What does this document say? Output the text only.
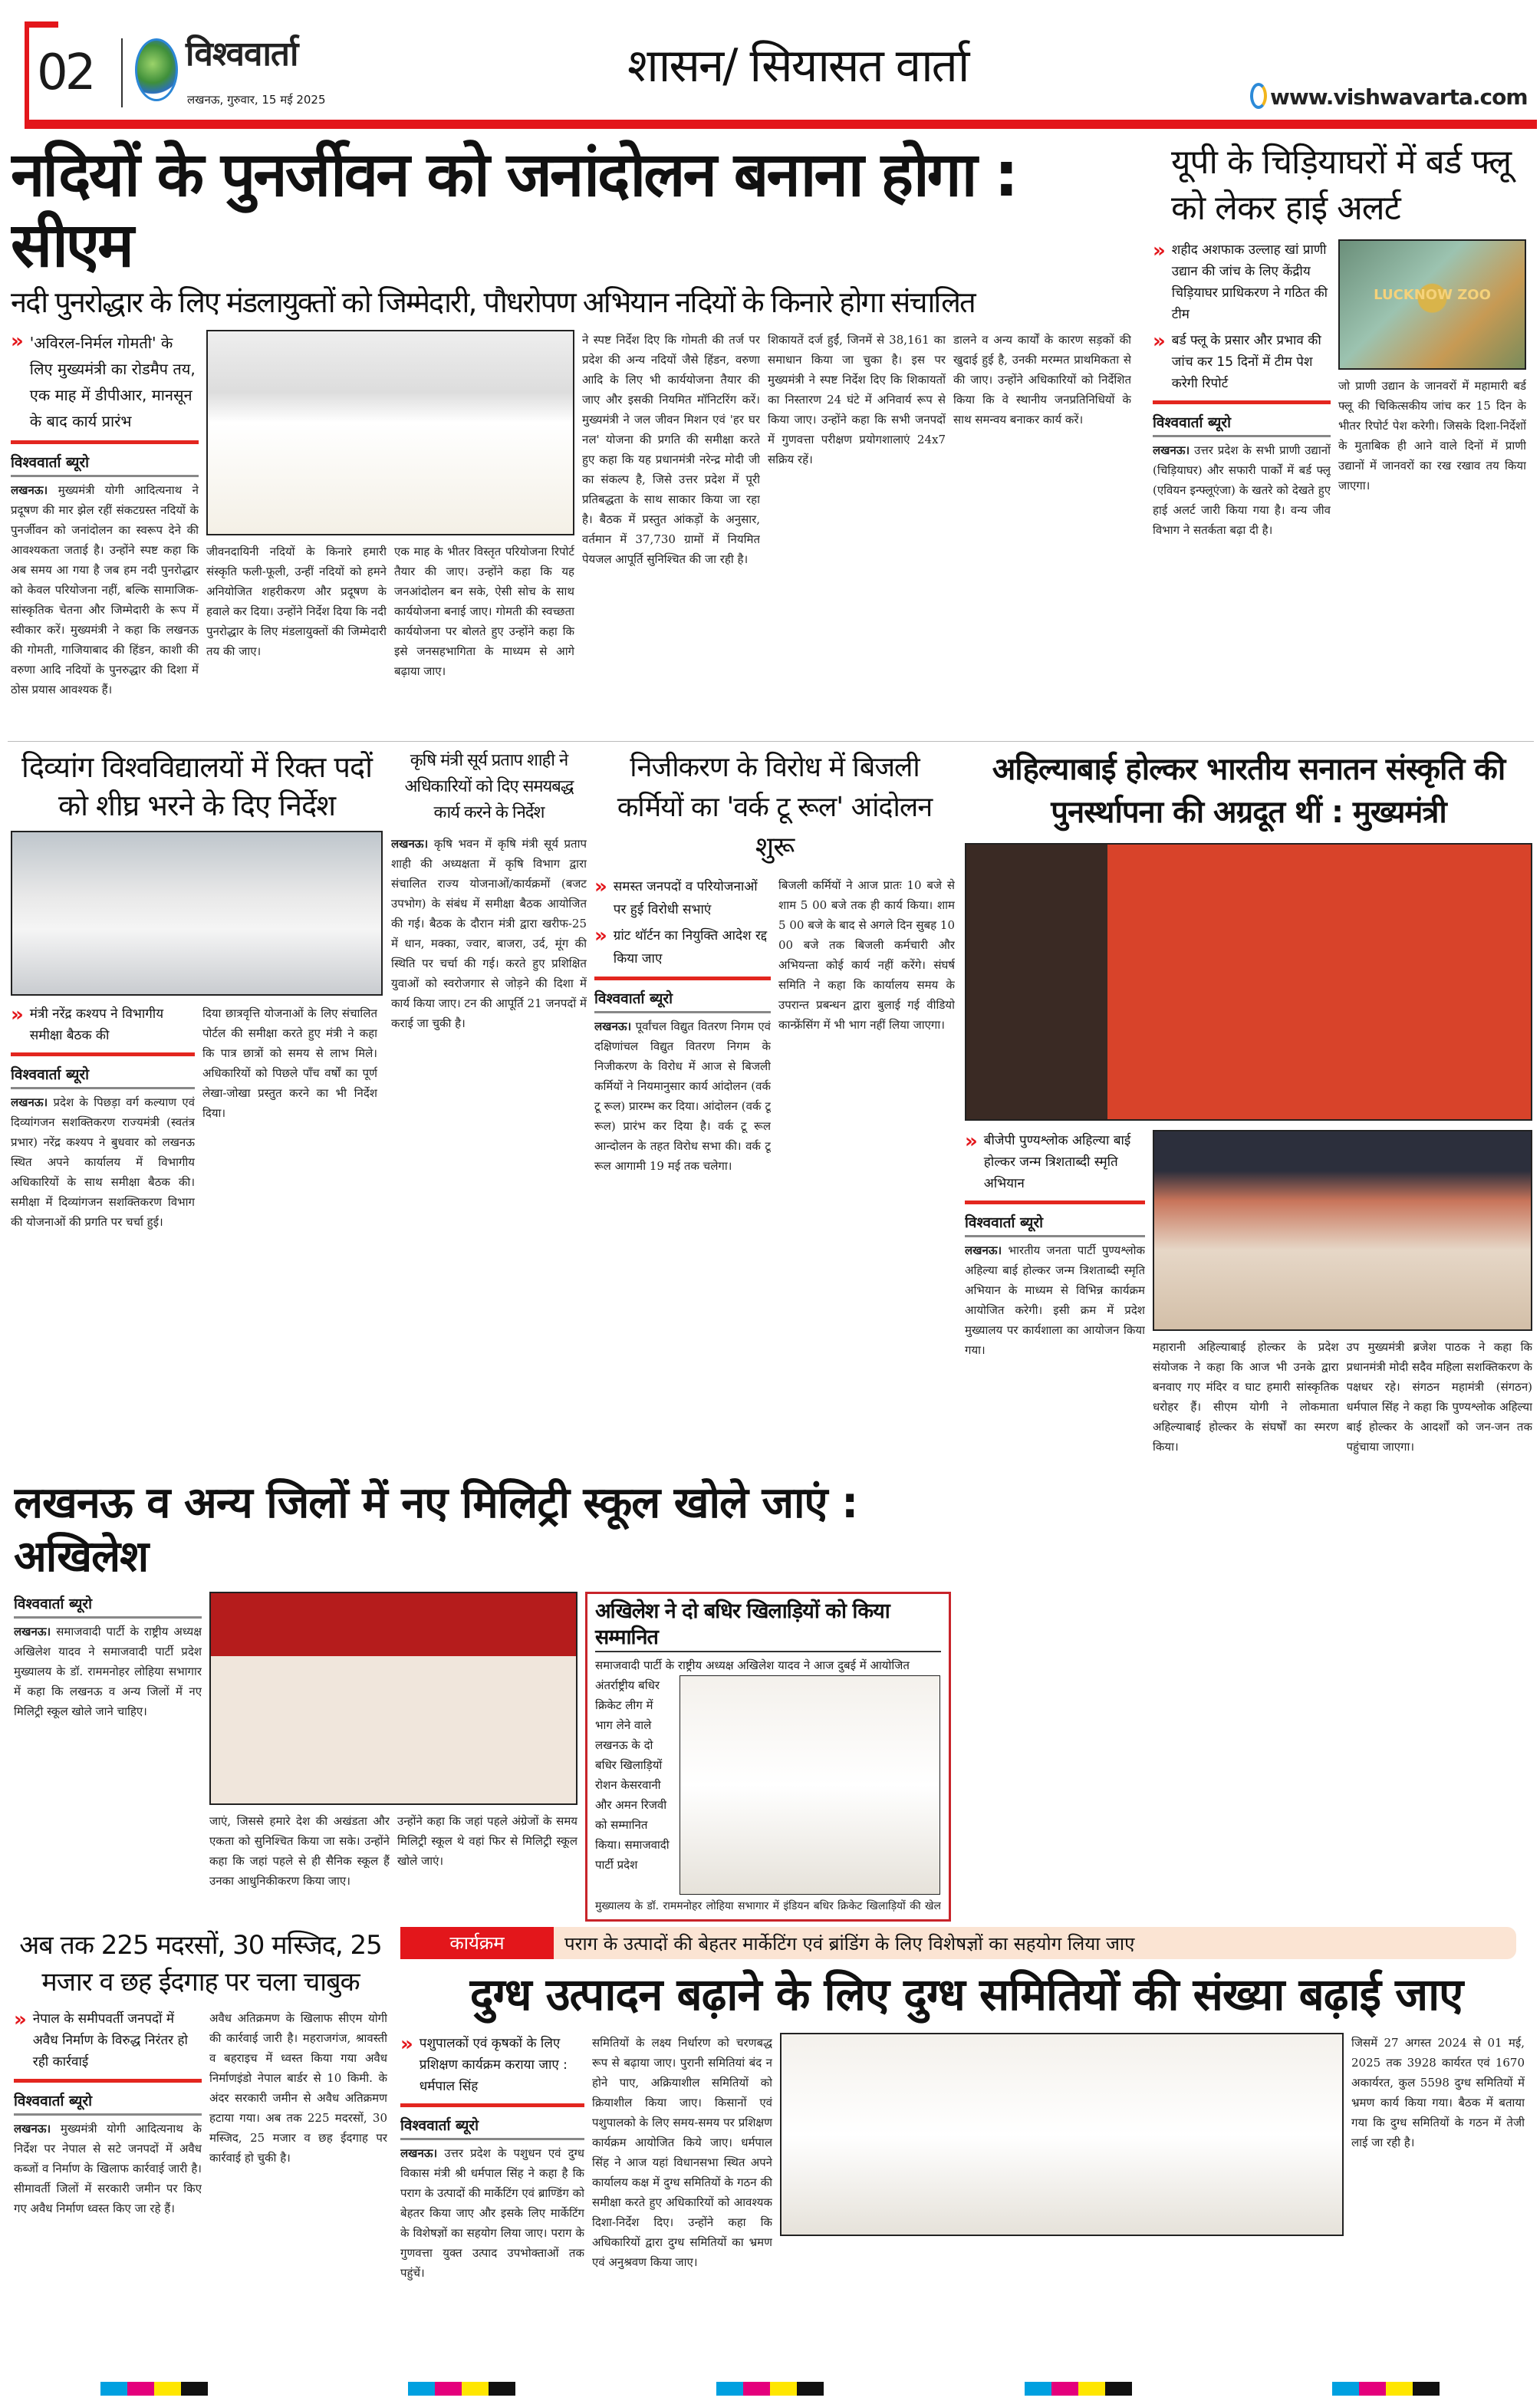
02	विश्ववार्ता
लखनऊ, गुरुवार, 15 मई 2025
शासन/ सियासत वार्ता
www.vishwavarta.com
नदियों के पुनर्जीवन को जनांदोलन बनाना होगा : सीएम
नदी पुनरोद्धार के लिए मंडलायुक्तों को जिम्मेदारी, पौधरोपण अभियान नदियों के किनारे होगा संचालित
» 'अविरल-निर्मल गोमती' के लिए मुख्यमंत्री का रोडमैप तय, एक माह में डीपीआर, मानसून के बाद कार्य प्रारंभ
विश्ववार्ता ब्यूरो
लखनऊ। मुख्यमंत्री योगी आदित्यनाथ ने प्रदूषण की मार झेल रहीं संकटग्रस्त नदियों के पुनर्जीवन को जनांदोलन का स्वरूप देने की आवश्यकता जताई है। उन्होंने स्पष्ट कहा कि अब समय आ गया है जब हम नदी पुनरोद्धार को केवल परियोजना नहीं, बल्कि सामाजिक-सांस्कृतिक चेतना और जिम्मेदारी के रूप में स्वीकार करें। मुख्यमंत्री ने कहा कि लखनऊ की गोमती, गाजियाबाद की हिंडन, काशी की वरुणा आदि नदियों के पुनरुद्धार की दिशा में ठोस प्रयास आवश्यक हैं।
जीवनदायिनी नदियों के किनारे हमारी संस्कृति फली-फूली, उन्हीं नदियों को हमने अनियोजित शहरीकरण और प्रदूषण के हवाले कर दिया। उन्होंने निर्देश दिया कि नदी पुनरोद्धार के लिए मंडलायुक्तों की जिम्मेदारी तय की जाए।
एक माह के भीतर विस्तृत परियोजना रिपोर्ट तैयार की जाए। उन्होंने कहा कि यह जनआंदोलन बन सके, ऐसी सोच के साथ कार्ययोजना बनाई जाए। गोमती की स्वच्छता कार्ययोजना पर बोलते हुए उन्होंने कहा कि इसे जनसहभागिता के माध्यम से आगे बढ़ाया जाए।
ने स्पष्ट निर्देश दिए कि गोमती की तर्ज पर प्रदेश की अन्य नदियों जैसे हिंडन, वरुणा आदि के लिए भी कार्ययोजना तैयार की जाए और इसकी नियमित मॉनिटरिंग करें। मुख्यमंत्री ने जल जीवन मिशन एवं 'हर घर नल' योजना की प्रगति की समीक्षा करते हुए कहा कि यह प्रधानमंत्री नरेन्द्र मोदी जी का संकल्प है, जिसे उत्तर प्रदेश में पूरी प्रतिबद्धता के साथ साकार किया जा रहा है। बैठक में प्रस्तुत आंकड़ों के अनुसार, वर्तमान में 37,730 ग्रामों में नियमित पेयजल आपूर्ति सुनिश्चित की जा रही है।
शिकायतें दर्ज हुईं, जिनमें से 38,161 का समाधान किया जा चुका है। इस पर मुख्यमंत्री ने स्पष्ट निर्देश दिए कि शिकायतों का निस्तारण 24 घंटे में अनिवार्य रूप से किया जाए। उन्होंने कहा कि सभी जनपदों में गुणवत्ता परीक्षण प्रयोगशालाएं 24x7 सक्रिय रहें।
डालने व अन्य कार्यों के कारण सड़कों की खुदाई हुई है, उनकी मरम्मत प्राथमिकता से की जाए। उन्होंने अधिकारियों को निर्देशित किया कि वे स्थानीय जनप्रतिनिधियों के साथ समन्वय बनाकर कार्य करें।
यूपी के चिड़ियाघरों में बर्ड फ्लू को लेकर हाई अलर्ट
» शहीद अशफाक उल्लाह खां प्राणी उद्यान की जांच के लिए केंद्रीय चिड़ियाघर प्राधिकरण ने गठित की टीम
» बर्ड फ्लू के प्रसार और प्रभाव की जांच कर 15 दिनों में टीम पेश करेगी रिपोर्ट
विश्ववार्ता ब्यूरो
लखनऊ। उत्तर प्रदेश के सभी प्राणी उद्यानों (चिड़ियाघर) और सफारी पार्कों में बर्ड फ्लू (एवियन इन्फ्लूएंजा) के खतरे को देखते हुए हाई अलर्ट जारी किया गया है। वन्य जीव विभाग ने सतर्कता बढ़ा दी है।
LUCKNOW ZOO
जो प्राणी उद्यान के जानवरों में महामारी बर्ड फ्लू की चिकित्सकीय जांच कर 15 दिन के भीतर रिपोर्ट पेश करेगी। जिसके दिशा-निर्देशों के मुताबिक ही आने वाले दिनों में प्राणी उद्यानों में जानवरों का रख रखाव तय किया जाएगा।
दिव्यांग विश्वविद्यालयों में रिक्त पदों को शीघ्र भरने के दिए निर्देश
» मंत्री नरेंद्र कश्यप ने विभागीय समीक्षा बैठक की
विश्ववार्ता ब्यूरो
लखनऊ। प्रदेश के पिछड़ा वर्ग कल्याण एवं दिव्यांगजन सशक्तिकरण राज्यमंत्री (स्वतंत्र प्रभार) नरेंद्र कश्यप ने बुधवार को लखनऊ स्थित अपने कार्यालय में विभागीय अधिकारियों के साथ समीक्षा बैठक की। समीक्षा में दिव्यांगजन सशक्तिकरण विभाग की योजनाओं की प्रगति पर चर्चा हुई।
दिया छात्रवृत्ति योजनाओं के लिए संचालित पोर्टल की समीक्षा करते हुए मंत्री ने कहा कि पात्र छात्रों को समय से लाभ मिले। अधिकारियों को पिछले पाँच वर्षों का पूर्ण लेखा-जोखा प्रस्तुत करने का भी निर्देश दिया।
कृषि मंत्री सूर्य प्रताप शाही ने अधिकारियों को दिए समयबद्ध कार्य करने के निर्देश
लखनऊ। कृषि भवन में कृषि मंत्री सूर्य प्रताप शाही की अध्यक्षता में कृषि विभाग द्वारा संचालित राज्य योजनाओं/कार्यक्रमों (बजट उपभोग) के संबंध में समीक्षा बैठक आयोजित की गई। बैठक के दौरान मंत्री द्वारा खरीफ-25 में धान, मक्का, ज्वार, बाजरा, उर्द, मूंग की स्थिति पर चर्चा की गई। करते हुए प्रशिक्षित युवाओं को स्वरोजगार से जोड़ने की दिशा में कार्य किया जाए। टन की आपूर्ति 21 जनपदों में कराई जा चुकी है।
निजीकरण के विरोध में बिजली कर्मियों का 'वर्क टू रूल' आंदोलन शुरू
» समस्त जनपदों व परियोजनाओं पर हुई विरोधी सभाएं
» ग्रांट थॉर्टन का नियुक्ति आदेश रद्द किया जाए
विश्ववार्ता ब्यूरो
लखनऊ। पूर्वांचल विद्युत वितरण निगम एवं दक्षिणांचल विद्युत वितरण निगम के निजीकरण के विरोध में आज से बिजली कर्मियों ने नियमानुसार कार्य आंदोलन (वर्क टू रूल) प्रारम्भ कर दिया। आंदोलन (वर्क टू रूल) प्रारंभ कर दिया है। वर्क टू रूल आन्दोलन के तहत विरोध सभा की। वर्क टू रूल आगामी 19 मई तक चलेगा।
बिजली कर्मियों ने आज प्रातः 10 बजे से शाम 5 00 बजे तक ही कार्य किया। शाम 5 00 बजे के बाद से अगले दिन सुबह 10 00 बजे तक बिजली कर्मचारी और अभियन्ता कोई कार्य नहीं करेंगे। संघर्ष समिति ने कहा कि कार्यालय समय के उपरान्त प्रबन्धन द्वारा बुलाई गई वीडियो कान्फ्रेंसिंग में भी भाग नहीं लिया जाएगा।
अहिल्याबाई होल्कर भारतीय सनातन संस्कृति की पुनर्स्थापना की अग्रदूत थीं : मुख्यमंत्री
» बीजेपी पुण्यश्लोक अहिल्या बाई होल्कर जन्म त्रिशताब्दी स्मृति अभियान
विश्ववार्ता ब्यूरो
लखनऊ। भारतीय जनता पार्टी पुण्यश्लोक अहिल्या बाई होल्कर जन्म त्रिशताब्दी स्मृति अभियान के माध्यम से विभिन्न कार्यक्रम आयोजित करेगी। इसी क्रम में प्रदेश मुख्यालय पर कार्यशाला का आयोजन किया गया।	महारानी अहिल्याबाई होल्कर के प्रदेश संयोजक ने कहा कि आज भी उनके द्वारा बनवाए गए मंदिर व घाट हमारी सांस्कृतिक धरोहर हैं। सीएम योगी ने लोकमाता अहिल्याबाई होल्कर के संघर्षों का स्मरण किया।
उप मुख्यमंत्री ब्रजेश पाठक ने कहा कि प्रधानमंत्री मोदी सदैव महिला सशक्तिकरण के पक्षधर रहे। संगठन महामंत्री (संगठन) धर्मपाल सिंह ने कहा कि पुण्यश्लोक अहिल्या बाई होल्कर के आदर्शों को जन-जन तक पहुंचाया जाएगा।
लखनऊ व अन्य जिलों में नए मिलिट्री स्कूल खोले जाएं : अखिलेश
विश्ववार्ता ब्यूरो
लखनऊ। समाजवादी पार्टी के राष्ट्रीय अध्यक्ष अखिलेश यादव ने समाजवादी पार्टी प्रदेश मुख्यालय के डॉ. राममनोहर लोहिया सभागार में कहा कि लखनऊ व अन्य जिलों में नए मिलिट्री स्कूल खोले जाने चाहिए।
जाएं, जिससे हमारे देश की अखंडता और एकता को सुनिश्चित किया जा सके। उन्होंने कहा कि जहां पहले से ही सैनिक स्कूल हैं उनका आधुनिकीकरण किया जाए।
उन्होंने कहा कि जहां पहले अंग्रेजों के समय मिलिट्री स्कूल थे वहां फिर से मिलिट्री स्कूल खोले जाएं।
अखिलेश ने दो बधिर खिलाड़ियों को किया सम्मानित
समाजवादी पार्टी के राष्ट्रीय अध्यक्ष अखिलेश यादव ने आज दुबई में आयोजित
अंतर्राष्ट्रीय बधिर क्रिकेट लीग में भाग लेने वाले लखनऊ के दो बधिर खिलाड़ियों रोशन केसरवानी और अमन रिजवी को सम्मानित किया। समाजवादी पार्टी प्रदेश
मुख्यालय के डॉ. राममनोहर लोहिया सभागार में इंडियन बधिर क्रिकेट खिलाड़ियों की खेल
अब तक 225 मदरसों, 30 मस्जिद, 25 मजार व छह ईदगाह पर चला चाबुक
» नेपाल के समीपवर्ती जनपदों में अवैध निर्माण के विरुद्ध निरंतर हो रही कार्रवाई
विश्ववार्ता ब्यूरो
लखनऊ। मुख्यमंत्री योगी आदित्यनाथ के निर्देश पर नेपाल से सटे जनपदों में अवैध कब्जों व निर्माण के खिलाफ कार्रवाई जारी है। सीमावर्ती जिलों में सरकारी जमीन पर किए गए अवैध निर्माण ध्वस्त किए जा रहे हैं।
अवैध अतिक्रमण के खिलाफ सीएम योगी की कार्रवाई जारी है। महराजगंज, श्रावस्ती व बहराइच में ध्वस्त किया गया अवैध निर्माणइंडो नेपाल बार्डर से 10 किमी. के अंदर सरकारी जमीन से अवैध अतिक्रमण हटाया गया। अब तक 225 मदरसों, 30 मस्जिद, 25 मजार व छह ईदगाह पर कार्रवाई हो चुकी है।
कार्यक्रम	पराग के उत्पादों की बेहतर मार्केटिंग एवं ब्रांडिंग के लिए विशेषज्ञों का सहयोग लिया जाए
दुग्ध उत्पादन बढ़ाने के लिए दुग्ध समितियों की संख्या बढ़ाई जाए
» पशुपालकों एवं कृषकों के लिए प्रशिक्षण कार्यक्रम कराया जाए : धर्मपाल सिंह
विश्ववार्ता ब्यूरो
लखनऊ। उत्तर प्रदेश के पशुधन एवं दुग्ध विकास मंत्री श्री धर्मपाल सिंह ने कहा है कि पराग के उत्पादों की मार्केटिंग एवं ब्राण्डिंग को बेहतर किया जाए और इसके लिए मार्केटिंग के विशेषज्ञों का सहयोग लिया जाए। पराग के गुणवत्ता युक्त उत्पाद उपभोक्ताओं तक पहुंचें।
समितियों के लक्ष्य निर्धारण को चरणबद्ध रूप से बढ़ाया जाए। पुरानी समितियां बंद न होने पाए, अक्रियाशील समितियों को क्रियाशील किया जाए। किसानों एवं पशुपालको के लिए समय-समय पर प्रशिक्षण कार्यक्रम आयोजित किये जाए। धर्मपाल सिंह ने आज यहां विधानसभा स्थित अपने कार्यालय कक्ष में दुग्ध समितियों के गठन की समीक्षा करते हुए अधिकारियों को आवश्यक दिशा-निर्देश दिए। उन्होंने कहा कि अधिकारियों द्वारा दुग्ध समितियों का भ्रमण एवं अनुश्रवण किया जाए।
जिसमें 27 अगस्त 2024 से 01 मई, 2025 तक 3928 कार्यरत एवं 1670 अकार्यरत, कुल 5598 दुग्ध समितियों में भ्रमण कार्य किया गया। बैठक में बताया गया कि दुग्ध समितियों के गठन में तेजी लाई जा रही है।
